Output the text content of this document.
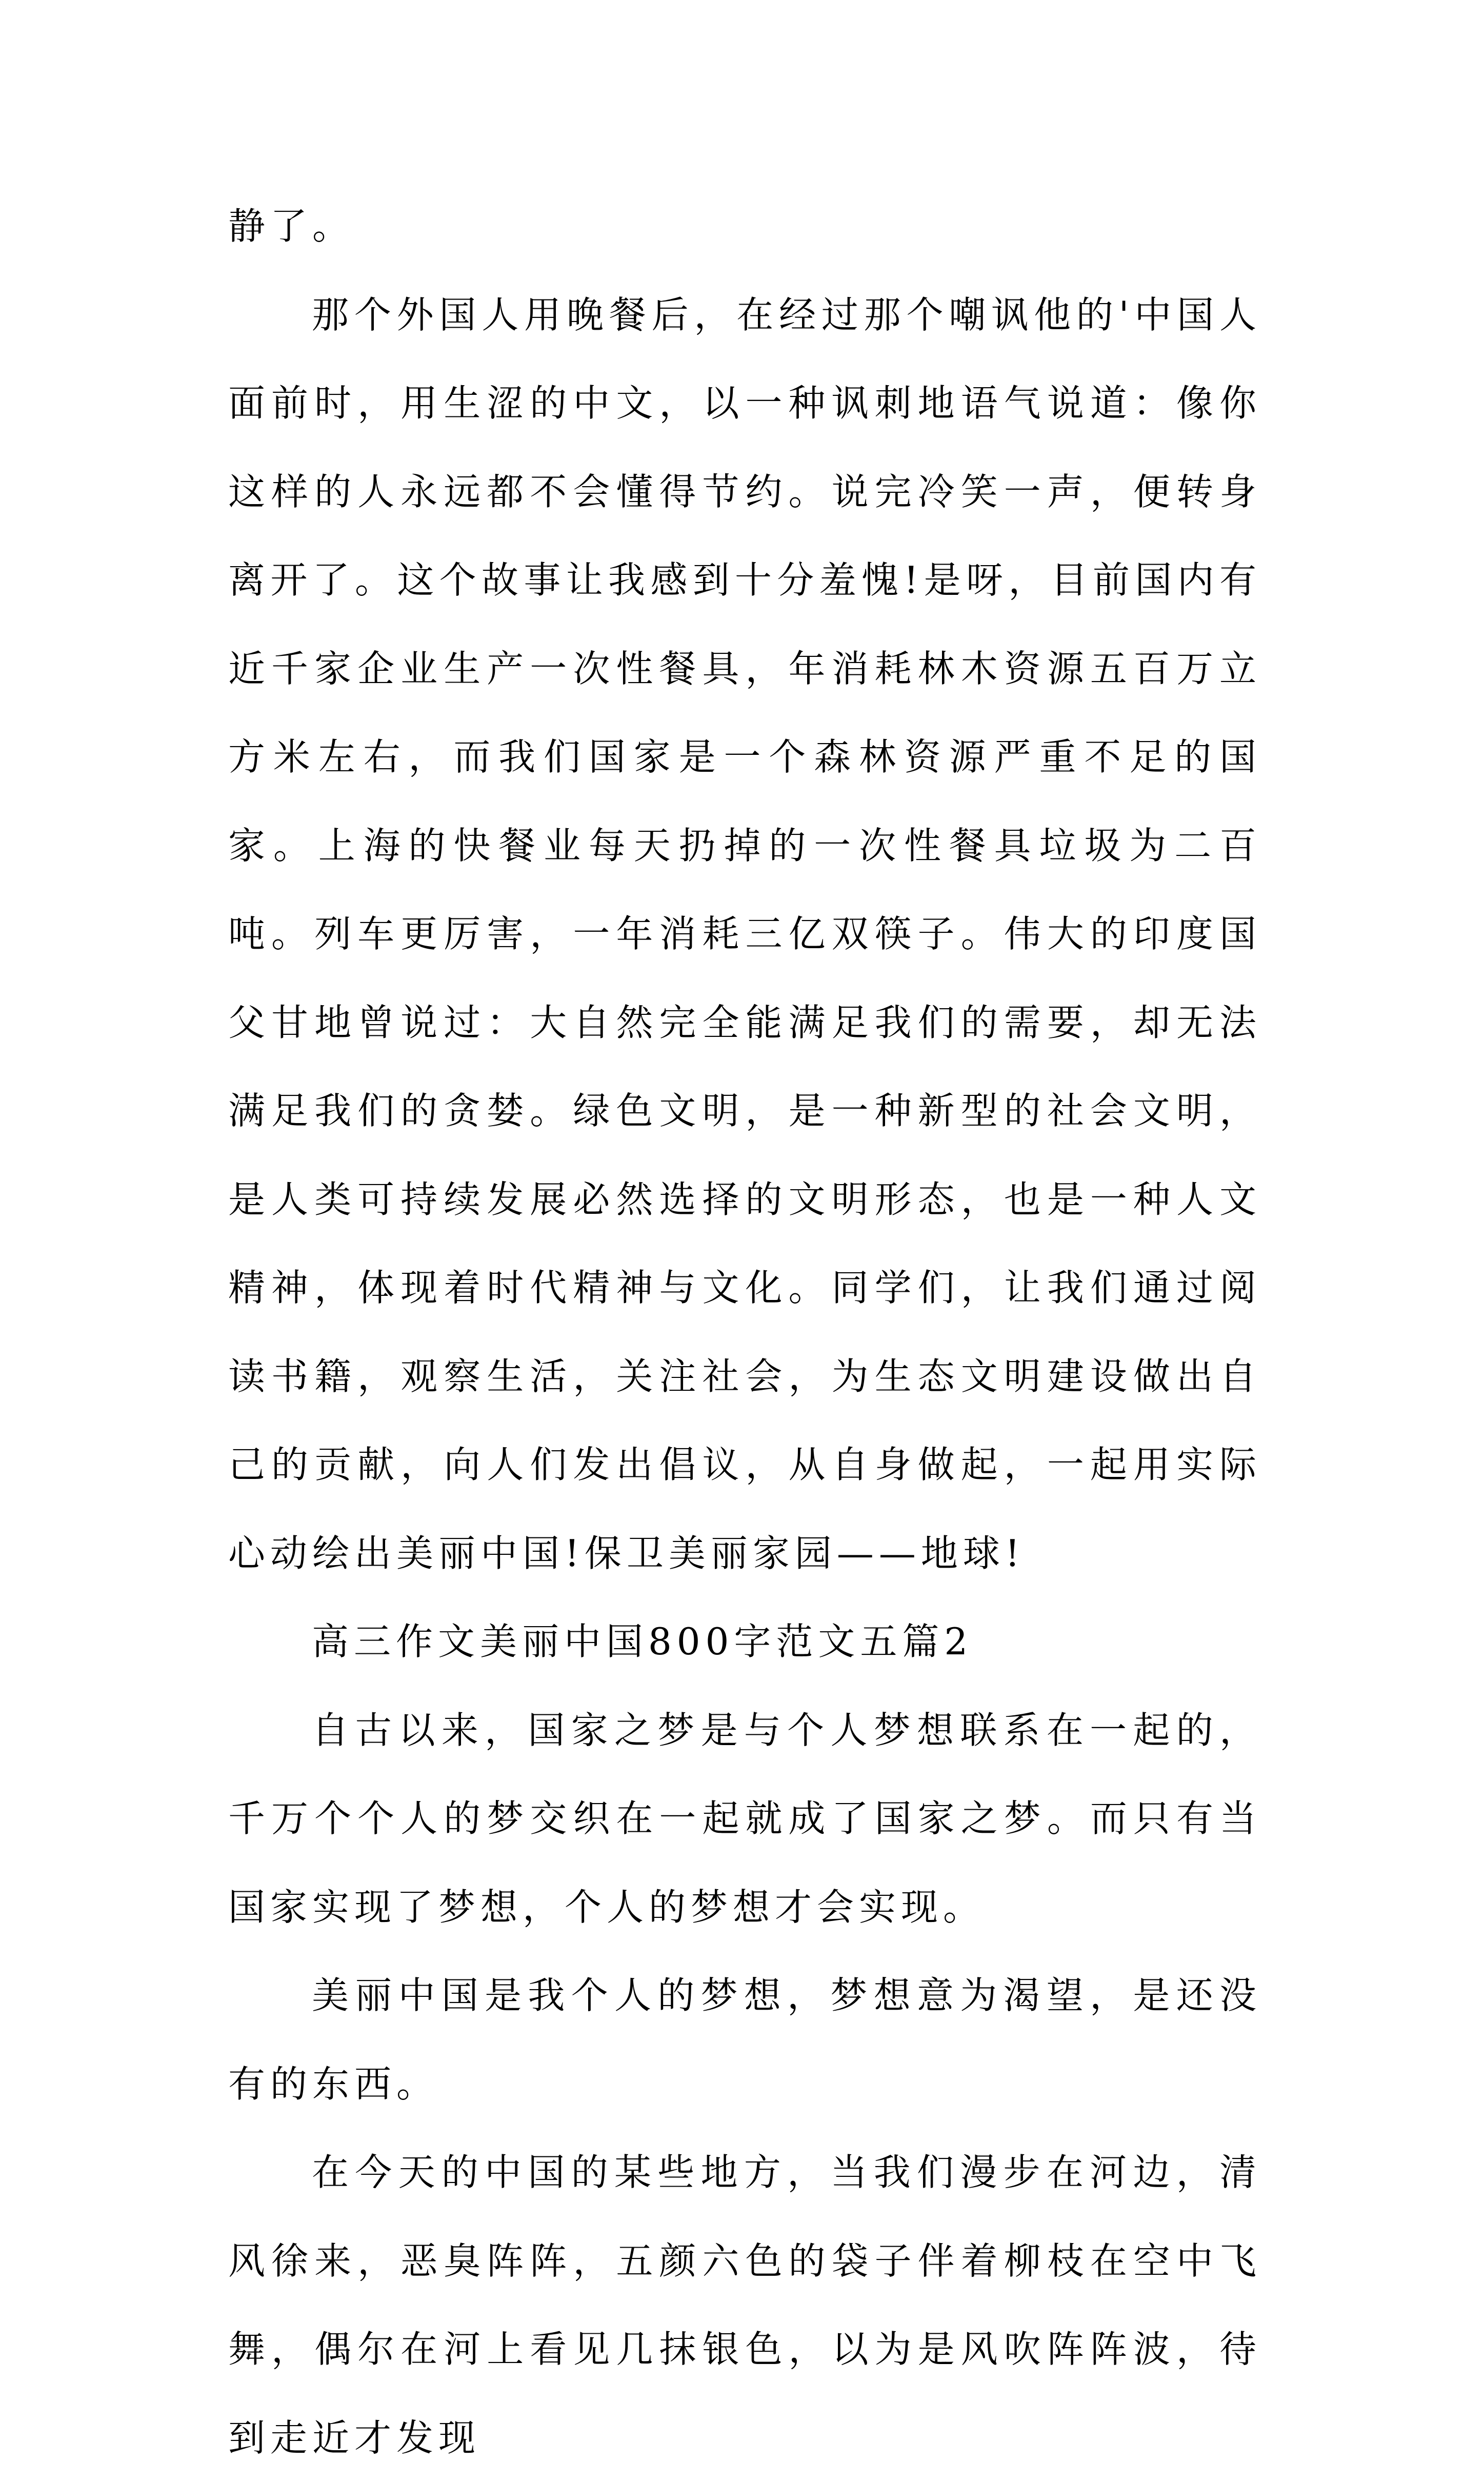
静了。

那个外国人用晚餐后，在经过那个嘲讽他的'中国人面前时，用生涩的中文，以一种讽刺地语气说道：像你这样的人永远都不会懂得节约。说完冷笑一声，便转身离开了。这个故事让我感到十分羞愧!是呀，目前国内有近千家企业生产一次性餐具，年消耗林木资源五百万立方米左右，而我们国家是一个森林资源严重不足的国家。上海的快餐业每天扔掉的一次性餐具垃圾为二百吨。列车更厉害，一年消耗三亿双筷子。伟大的印度国父甘地曾说过：大自然完全能满足我们的需要，却无法满足我们的贪婪。绿色文明，是一种新型的社会文明，是人类可持续发展必然选择的文明形态，也是一种人文精神，体现着时代精神与文化。同学们，让我们通过阅读书籍，观察生活，关注社会，为生态文明建设做出自己的贡献，向人们发出倡议，从自身做起，一起用实际心动绘出美丽中国!保卫美丽家园——地球!

高三作文美丽中国800字范文五篇2

自古以来，国家之梦是与个人梦想联系在一起的，千万个个人的梦交织在一起就成了国家之梦。而只有当国家实现了梦想，个人的梦想才会实现。

美丽中国是我个人的梦想，梦想意为渴望，是还没有的东西。

在今天的中国的某些地方，当我们漫步在河边，清风徐来，恶臭阵阵，五颜六色的袋子伴着柳枝在空中飞舞，偶尔在河上看见几抹银色，以为是风吹阵阵波，待到走近才发现
